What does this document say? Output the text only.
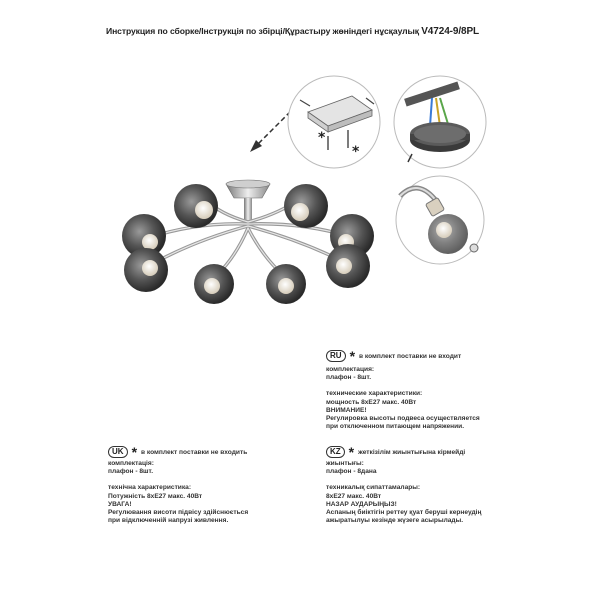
Инструкция по сборке/Інструкція по збірці/Құрастыру жөніндегі нұсқаулық V4724-9/8PL
*
*
RU * в комплект поставки не входит
комплектация:
плафон - 8шт.
технические характеристики:
мощность 8хЕ27 макс. 40Вт
ВНИМАНИЕ!
Регулировка высоты подвеса осуществляется
при отключенном питающем напряжении.
UK * в комплект поставки не входить
комплектація:
плафон - 8шт.
технічна характеристика:
Потужність 8хЕ27 макс. 40Вт
УВАГА!
Регулювання висоти підвісу здійснюється
при відключенній напрузі живлення.
KZ * жеткізілім жиынтығына кірмейді
жиынтығы:
плафон - 8дана
техникалық сипаттамалары:
8хЕ27 макс. 40Вт
НАЗАР АУДАРЫҢЫЗ!
Аспаның биіктігін реттеу қуат беруші кернеудің
ажыратылуы кезінде жүзеге асырылады.
